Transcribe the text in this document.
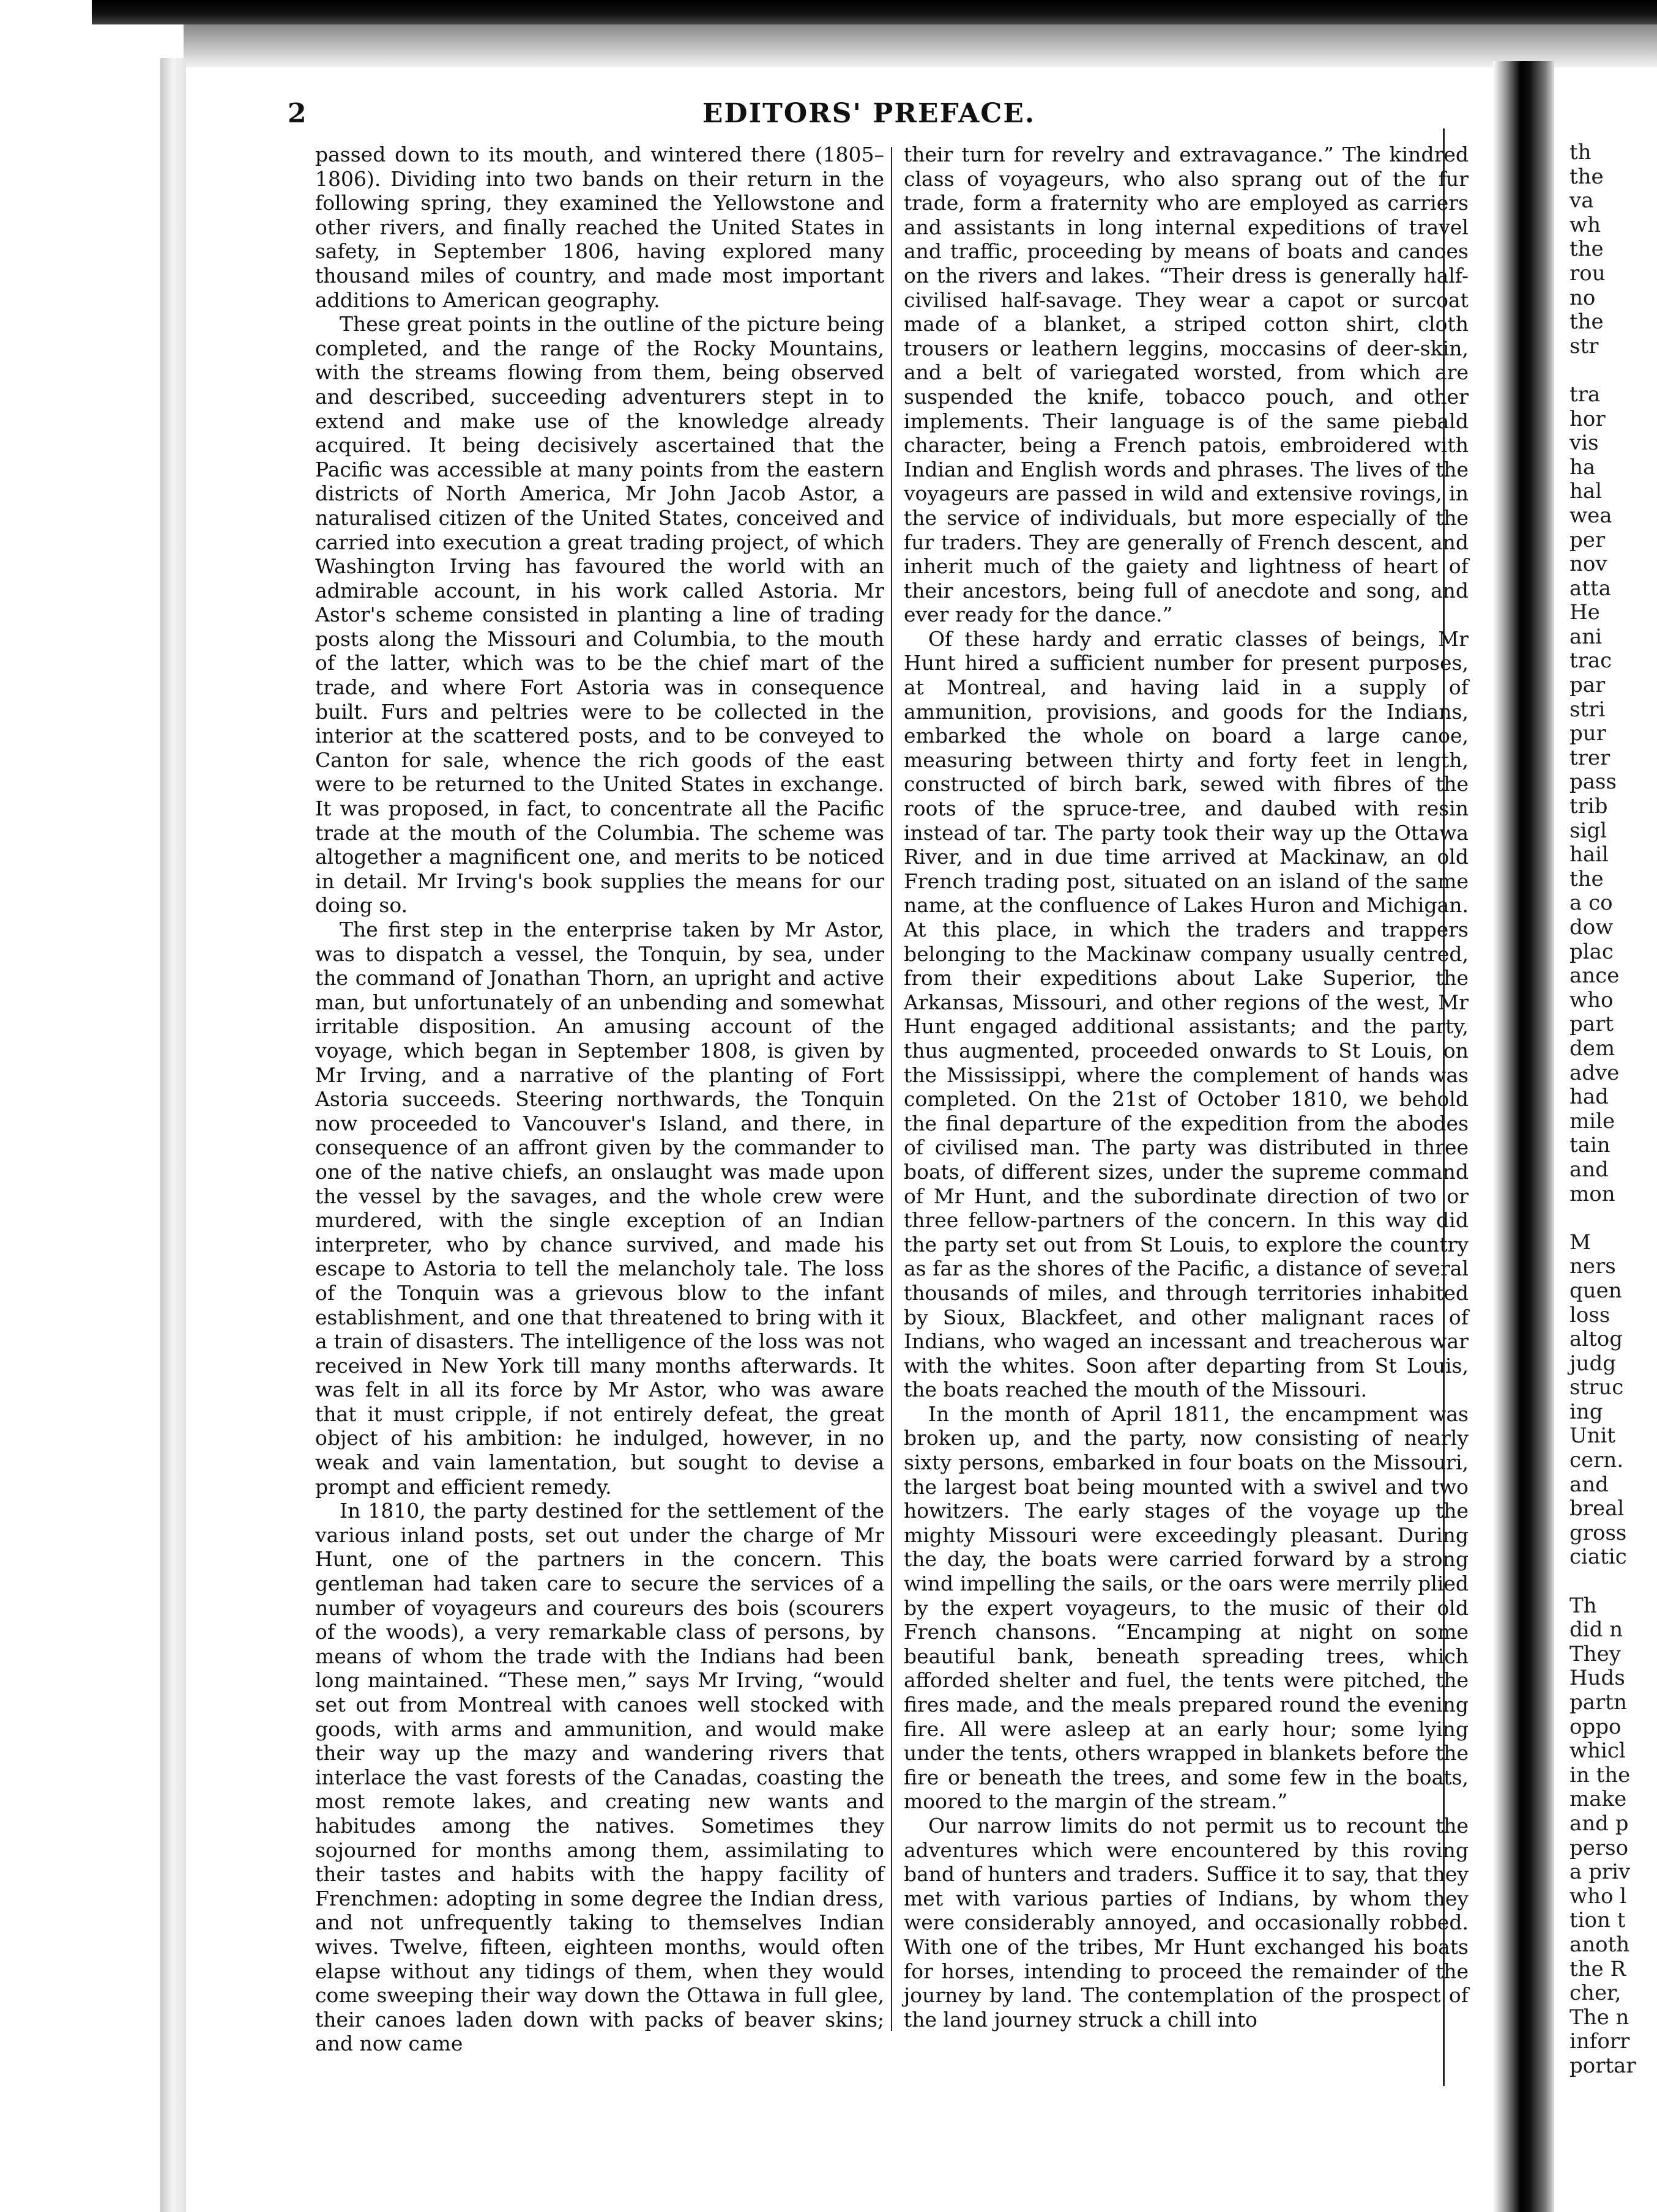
2	EDITORS' PREFACE.

passed down to its mouth, and wintered there (1805–1806). Dividing into two bands on their return in the following spring, they examined the Yellowstone and other rivers, and finally reached the United States in safety, in September 1806, having explored many thousand miles of country, and made most important additions to American geography.

These great points in the outline of the picture being completed, and the range of the Rocky Mountains, with the streams flowing from them, being observed and described, succeeding adventurers stept in to extend and make use of the knowledge already acquired. It being decisively ascertained that the Pacific was accessible at many points from the eastern districts of North America, Mr John Jacob Astor, a naturalised citizen of the United States, conceived and carried into execution a great trading project, of which Washington Irving has favoured the world with an admirable account, in his work called Astoria. Mr Astor's scheme consisted in planting a line of trading posts along the Missouri and Columbia, to the mouth of the latter, which was to be the chief mart of the trade, and where Fort Astoria was in consequence built. Furs and peltries were to be collected in the interior at the scattered posts, and to be conveyed to Canton for sale, whence the rich goods of the east were to be returned to the United States in exchange. It was proposed, in fact, to concentrate all the Pacific trade at the mouth of the Columbia. The scheme was altogether a magnificent one, and merits to be noticed in detail. Mr Irving's book supplies the means for our doing so.

The first step in the enterprise taken by Mr Astor, was to dispatch a vessel, the Tonquin, by sea, under the command of Jonathan Thorn, an upright and active man, but unfortunately of an unbending and somewhat irritable disposition. An amusing account of the voyage, which began in September 1808, is given by Mr Irving, and a narrative of the planting of Fort Astoria succeeds. Steering northwards, the Tonquin now proceeded to Vancouver's Island, and there, in consequence of an affront given by the commander to one of the native chiefs, an onslaught was made upon the vessel by the savages, and the whole crew were murdered, with the single exception of an Indian interpreter, who by chance survived, and made his escape to Astoria to tell the melancholy tale. The loss of the Tonquin was a grievous blow to the infant establishment, and one that threatened to bring with it a train of disasters. The intelligence of the loss was not received in New York till many months afterwards. It was felt in all its force by Mr Astor, who was aware that it must cripple, if not entirely defeat, the great object of his ambition: he indulged, however, in no weak and vain lamentation, but sought to devise a prompt and efficient remedy.

In 1810, the party destined for the settlement of the various inland posts, set out under the charge of Mr Hunt, one of the partners in the concern. This gentleman had taken care to secure the services of a number of voyageurs and coureurs des bois (scourers of the woods), a very remarkable class of persons, by means of whom the trade with the Indians had been long maintained. “These men,” says Mr Irving, “would set out from Montreal with canoes well stocked with goods, with arms and ammunition, and would make their way up the mazy and wandering rivers that interlace the vast forests of the Canadas, coasting the most remote lakes, and creating new wants and habitudes among the natives. Sometimes they sojourned for months among them, assimilating to their tastes and habits with the happy facility of Frenchmen: adopting in some degree the Indian dress, and not unfrequently taking to themselves Indian wives. Twelve, fifteen, eighteen months, would often elapse without any tidings of them, when they would come sweeping their way down the Ottawa in full glee, their canoes laden down with packs of beaver skins; and now came

their turn for revelry and extravagance.” The kindred class of voyageurs, who also sprang out of the fur trade, form a fraternity who are employed as carriers and assistants in long internal expeditions of travel and traffic, proceeding by means of boats and canoes on the rivers and lakes. “Their dress is generally half-civilised half-savage. They wear a capot or surcoat made of a blanket, a striped cotton shirt, cloth trousers or leathern leggins, moccasins of deer-skin, and a belt of variegated worsted, from which are suspended the knife, tobacco pouch, and other implements. Their language is of the same piebald character, being a French patois, embroidered with Indian and English words and phrases. The lives of the voyageurs are passed in wild and extensive rovings, in the service of individuals, but more especially of the fur traders. They are generally of French descent, and inherit much of the gaiety and lightness of heart of their ancestors, being full of anecdote and song, and ever ready for the dance.”

Of these hardy and erratic classes of beings, Mr Hunt hired a sufficient number for present purposes, at Montreal, and having laid in a supply of ammunition, provisions, and goods for the Indians, embarked the whole on board a large canoe, measuring between thirty and forty feet in length, constructed of birch bark, sewed with fibres of the roots of the spruce-tree, and daubed with resin instead of tar. The party took their way up the Ottawa River, and in due time arrived at Mackinaw, an old French trading post, situated on an island of the same name, at the confluence of Lakes Huron and Michigan. At this place, in which the traders and trappers belonging to the Mackinaw company usually centred, from their expeditions about Lake Superior, the Arkansas, Missouri, and other regions of the west, Mr Hunt engaged additional assistants; and the party, thus augmented, proceeded onwards to St Louis, on the Mississippi, where the complement of hands was completed. On the 21st of October 1810, we behold the final departure of the expedition from the abodes of civilised man. The party was distributed in three boats, of different sizes, under the supreme command of Mr Hunt, and the subordinate direction of two or three fellow-partners of the concern. In this way did the party set out from St Louis, to explore the country as far as the shores of the Pacific, a distance of several thousands of miles, and through territories inhabited by Sioux, Blackfeet, and other malignant races of Indians, who waged an incessant and treacherous war with the whites. Soon after departing from St Louis, the boats reached the mouth of the Missouri.

In the month of April 1811, the encampment was broken up, and the party, now consisting of nearly sixty persons, embarked in four boats on the Missouri, the largest boat being mounted with a swivel and two howitzers. The early stages of the voyage up the mighty Missouri were exceedingly pleasant. During the day, the boats were carried forward by a strong wind impelling the sails, or the oars were merrily plied by the expert voyageurs, to the music of their old French chansons. “Encamping at night on some beautiful bank, beneath spreading trees, which afforded shelter and fuel, the tents were pitched, the fires made, and the meals prepared round the evening fire. All were asleep at an early hour; some lying under the tents, others wrapped in blankets before the fire or beneath the trees, and some few in the boats, moored to the margin of the stream.”

Our narrow limits do not permit us to recount the adventures which were encountered by this roving band of hunters and traders. Suffice it to say, that they met with various parties of Indians, by whom they were considerably annoyed, and occasionally robbed. With one of the tribes, Mr Hunt exchanged his boats for horses, intending to proceed the remainder of the journey by land. The contemplation of the prospect of the land journey struck a chill into

th
the
va
wh
the
rou
no
the
str
tra
hor
vis
ha
hal
wea
per
nov
atta
He
ani
trac
par
stri
pur
trer
pass
trib
sigl
hail
the
a co
dow
plac
ance
who
part
dem
adve
had
mile
tain
and
mon
M
ners
quen
loss
altog
judg
struc
ing
Unit
cern.
and
breal
gross
ciatic
Th
did n
They
Huds
partn
oppo
whicl
in the
make
and p
perso
a priv
who l
tion t
anoth
the R
cher,
The n
inforr
portar
